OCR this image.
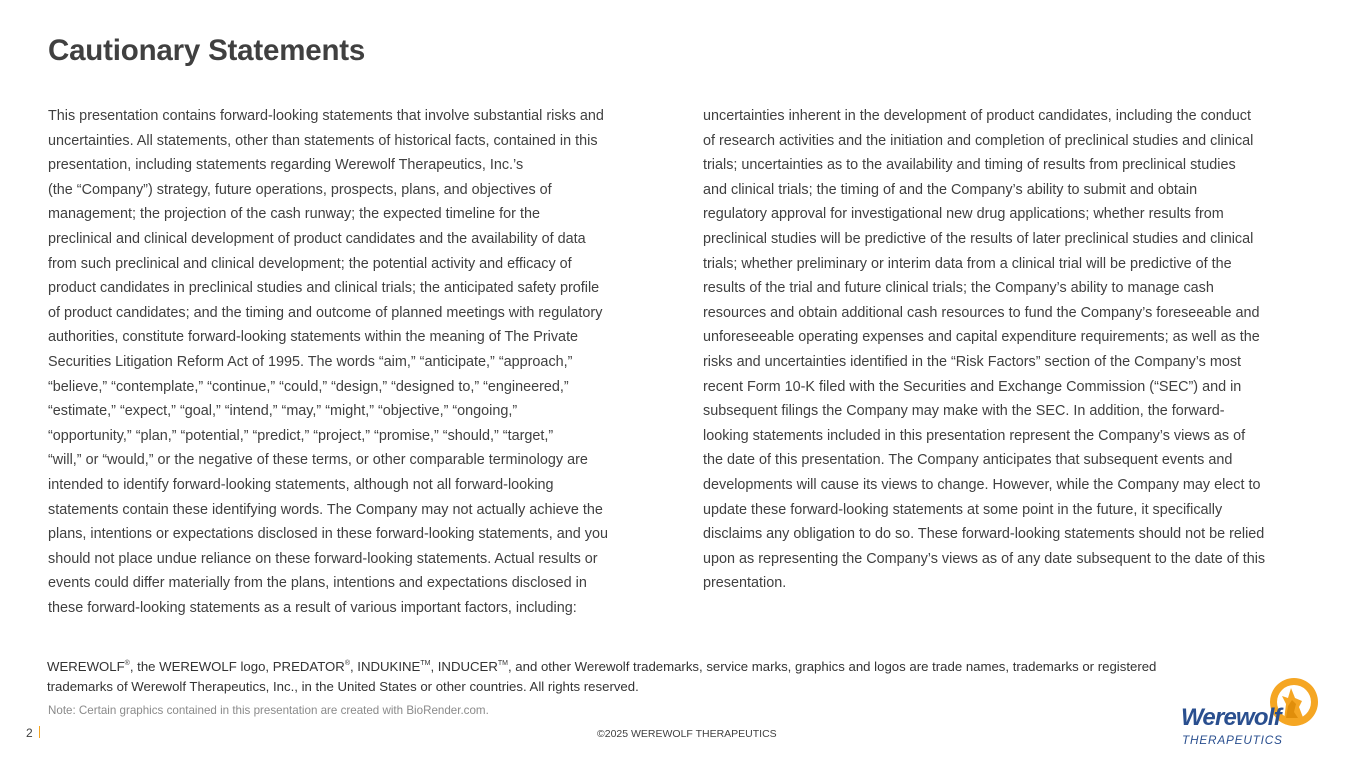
Cautionary Statements
This presentation contains forward-looking statements that involve substantial risks and
uncertainties. All statements, other than statements of historical facts, contained in this
presentation, including statements regarding Werewolf Therapeutics, Inc.’s
(the “Company”) strategy, future operations, prospects, plans, and objectives of
management; the projection of the cash runway; the expected timeline for the
preclinical and clinical development of product candidates and the availability of data
from such preclinical and clinical development; the potential activity and efficacy of
product candidates in preclinical studies and clinical trials; the anticipated safety profile
of product candidates; and the timing and outcome of planned meetings with regulatory
authorities, constitute forward-looking statements within the meaning of The Private
Securities Litigation Reform Act of 1995. The words “aim,” “anticipate,” “approach,”
“believe,” “contemplate,” “continue,” “could,” “design,” “designed to,” “engineered,”
“estimate,” “expect,” “goal,” “intend,” “may,” “might,” “objective,” “ongoing,”
“opportunity,” “plan,” “potential,” “predict,” “project,” “promise,” “should,” “target,”
“will,” or “would,” or the negative of these terms, or other comparable terminology are
intended to identify forward-looking statements, although not all forward-looking
statements contain these identifying words. The Company may not actually achieve the
plans, intentions or expectations disclosed in these forward-looking statements, and you
should not place undue reliance on these forward-looking statements. Actual results or
events could differ materially from the plans, intentions and expectations disclosed in
these forward-looking statements as a result of various important factors, including:
uncertainties inherent in the development of product candidates, including the conduct
of research activities and the initiation and completion of preclinical studies and clinical
trials; uncertainties as to the availability and timing of results from preclinical studies
and clinical trials; the timing of and the Company’s ability to submit and obtain
regulatory approval for investigational new drug applications; whether results from
preclinical studies will be predictive of the results of later preclinical studies and clinical
trials; whether preliminary or interim data from a clinical trial will be predictive of the
results of the trial and future clinical trials; the Company’s ability to manage cash
resources and obtain additional cash resources to fund the Company’s foreseeable and
unforeseeable operating expenses and capital expenditure requirements; as well as the
risks and uncertainties identified in the “Risk Factors” section of the Company’s most
recent Form 10-K filed with the Securities and Exchange Commission (“SEC”) and in
subsequent filings the Company may make with the SEC. In addition, the forward-
looking statements included in this presentation represent the Company’s views as of
the date of this presentation. The Company anticipates that subsequent events and
developments will cause its views to change. However, while the Company may elect to
update these forward-looking statements at some point in the future, it specifically
disclaims any obligation to do so. These forward-looking statements should not be relied
upon as representing the Company’s views as of any date subsequent to the date of this
presentation.
WEREWOLF®, the WEREWOLF logo, PREDATOR®, INDUKINE™, INDUCER™, and other Werewolf trademarks, service marks, graphics and logos are trade names, trademarks or registered
trademarks of Werewolf Therapeutics, Inc., in the United States or other countries. All rights reserved.
Note: Certain graphics contained in this presentation are created with BioRender.com.
2	©2025 WEREWOLF THERAPEUTICS
Werewolf
THERAPEUTICS
